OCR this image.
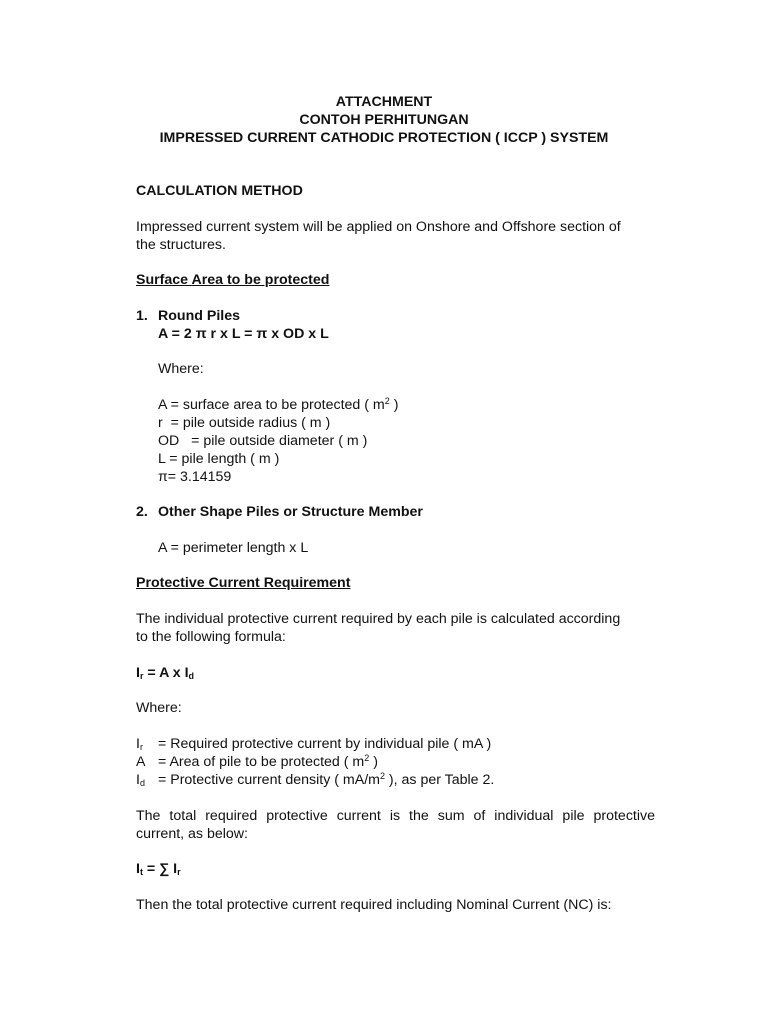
ATTACHMENT
CONTOH PERHITUNGAN
IMPRESSED CURRENT CATHODIC PROTECTION ( ICCP ) SYSTEM
CALCULATION METHOD
Impressed current system will be applied on Onshore and Offshore section of
the structures.
Surface Area to be protected
1. Round Piles
A = 2 π r x L = π x OD x L
Where:
A = surface area to be protected ( $m^2$ )
r  = pile outside radius ( m )
OD   = pile outside diameter ( m )
L = pile length ( m )
π= 3.14159
2. Other Shape Piles or Structure Member
A = perimeter length x L
Protective Current Requirement
The individual protective current required by each pile is calculated according
to the following formula:
$I_r = A$ x $I_d$
Where:
$I_r$ = Required protective current by individual pile ( mA )
A = Area of pile to be protected ( $m^2$ )
$I_d$ = Protective current density ( $mA/m^2$ ), as per Table 2.
The total required protective current is the sum of individual pile protective
current, as below:
$I_t$ = ∑ $I_r$
Then the total protective current required including Nominal Current (NC) is:
